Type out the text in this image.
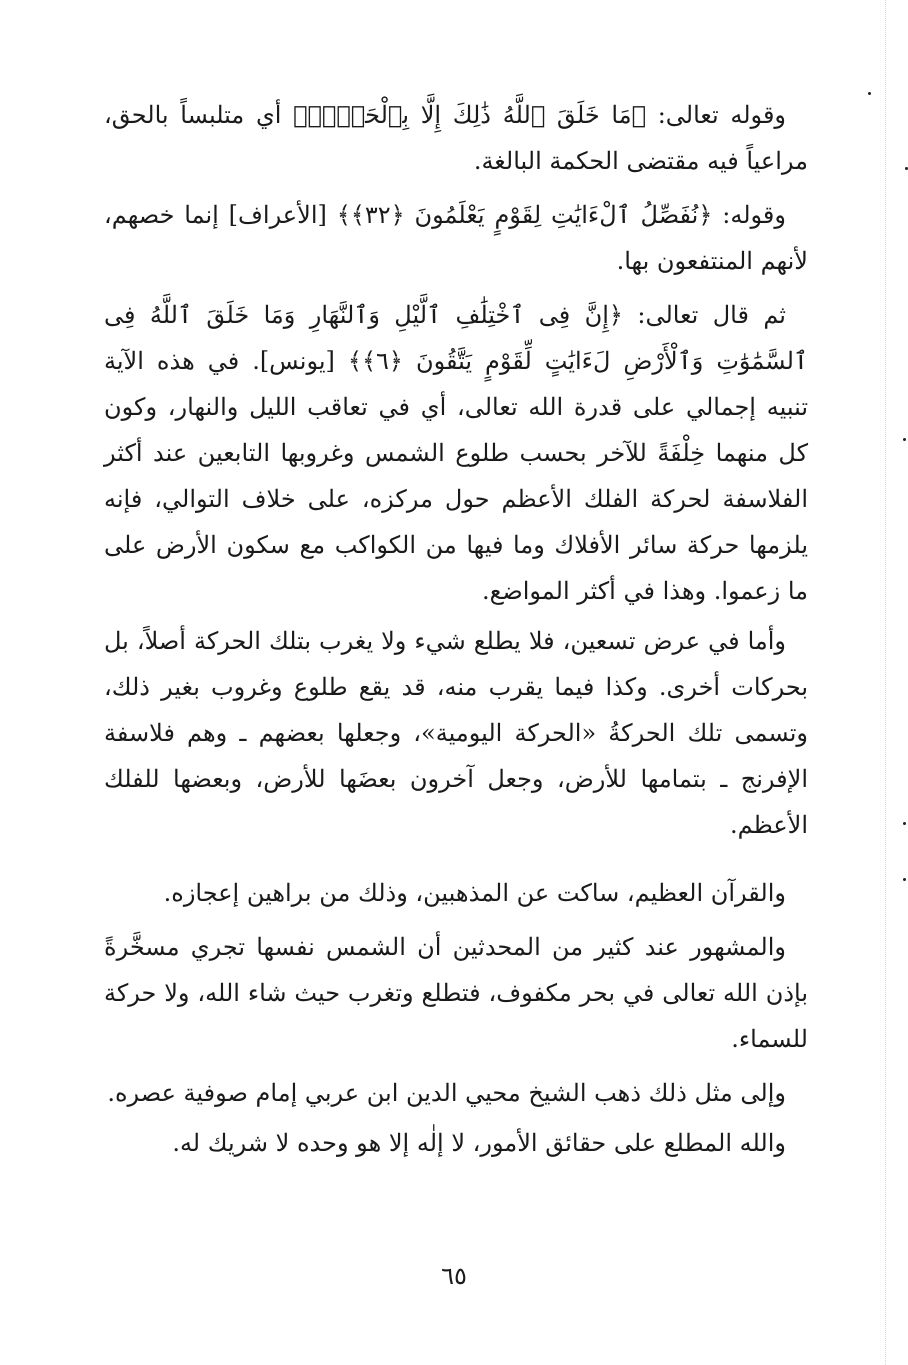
وقوله تعالى: ﴿مَا خَلَقَ ٱللَّهُ ذَٰلِكَ إِلَّا بِٱلْحَقِّۚ﴾ أي متلبساً بالحق، مراعياً فيه مقتضى الحكمة البالغة.

وقوله: ﴿نُفَصِّلُ ٱلْءَايَٰتِ لِقَوْمٍ يَعْلَمُونَ ﴿٣٢﴾﴾ [الأعراف] إنما خصهم، لأنهم المنتفعون بها.

ثم قال تعالى: ﴿إِنَّ فِى ٱخْتِلَٰفِ ٱلَّيْلِ وَٱلنَّهَارِ وَمَا خَلَقَ ٱللَّهُ فِى ٱلسَّمَٰوَٰتِ وَٱلْأَرْضِ لَءَايَٰتٍ لِّقَوْمٍ يَتَّقُونَ ﴿٦﴾﴾ [يونس]. في هذه الآية تنبيه إجمالي على قدرة الله تعالى، أي في تعاقب الليل والنهار، وكون كل منهما خِلْفَةً للآخر بحسب طلوع الشمس وغروبها التابعين عند أكثر الفلاسفة لحركة الفلك الأعظم حول مركزه، على خلاف التوالي، فإنه يلزمها حركة سائر الأفلاك وما فيها من الكواكب مع سكون الأرض على ما زعموا. وهذا في أكثر المواضع.

وأما في عرض تسعين، فلا يطلع شيء ولا يغرب بتلك الحركة أصلاً، بل بحركات أخرى. وكذا فيما يقرب منه، قد يقع طلوع وغروب بغير ذلك، وتسمى تلك الحركةُ «الحركة اليومية»، وجعلها بعضهم ـ وهم فلاسفة الإفرنج ـ بتمامها للأرض، وجعل آخرون بعضَها للأرض، وبعضها للفلك الأعظم.

والقرآن العظيم، ساكت عن المذهبين، وذلك من براهين إعجازه.

والمشهور عند كثير من المحدثين أن الشمس نفسها تجري مسخَّرةً بإذن الله تعالى في بحر مكفوف، فتطلع وتغرب حيث شاء الله، ولا حركة للسماء.

وإلى مثل ذلك ذهب الشيخ محيي الدين ابن عربي إمام صوفية عصره.

والله المطلع على حقائق الأمور، لا إلٰه إلا هو وحده لا شريك له.

٦٥
